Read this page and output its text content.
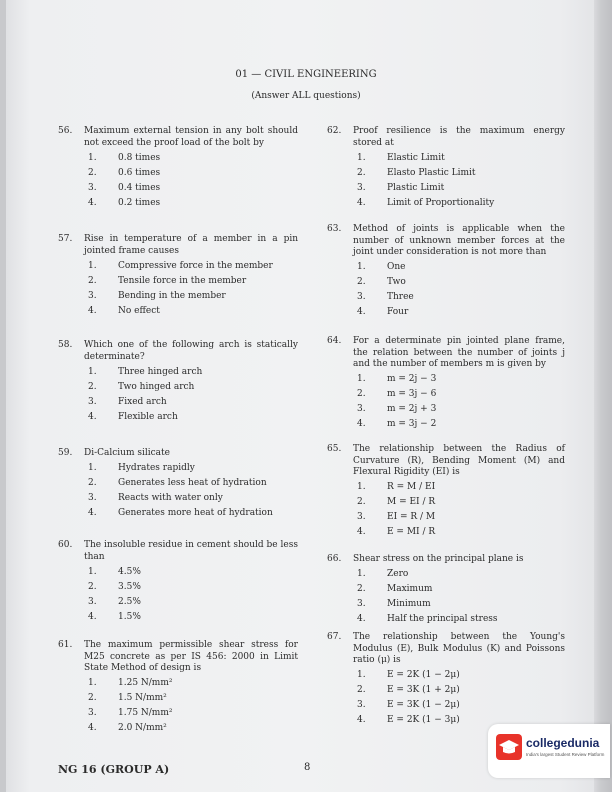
01 — CIVIL ENGINEERING
(Answer ALL questions)
56.	Maximum external tension in any bolt should not exceed the proof load of the bolt by
1.	0.8 times
2.	0.6 times
3.	0.4 times
4.	0.2 times
57.	Rise in temperature of a member in a pin jointed frame causes
1.	Compressive force in the member
2.	Tensile force in the member
3.	Bending in the member
4.	No effect
58.	Which one of the following arch is statically determinate?
1.	Three hinged arch
2.	Two hinged arch
3.	Fixed arch
4.	Flexible arch
59.	Di-Calcium silicate
1.	Hydrates rapidly
2.	Generates less heat of hydration
3.	Reacts with water only
4.	Generates more heat of hydration
60.	The insoluble residue in cement should be less than
1.	4.5%
2.	3.5%
3.	2.5%
4.	1.5%
61.	The maximum permissible shear stress for M25 concrete as per IS 456: 2000 in Limit State Method of design is
1.	1.25 N/mm²
2.	1.5 N/mm²
3.	1.75 N/mm²
4.	2.0 N/mm²
62.	Proof resilience is the maximum energy stored at
1.	Elastic Limit
2.	Elasto Plastic Limit
3.	Plastic Limit
4.	Limit of Proportionality
63.	Method of joints is applicable when the number of unknown member forces at the joint under consideration is not more than
1.	One
2.	Two
3.	Three
4.	Four
64.	For a determinate pin jointed plane frame, the relation between the number of joints j and the number of members m is given by
1.	m = 2j − 3
2.	m = 3j − 6
3.	m = 2j + 3
4.	m = 3j − 2
65.	The relationship between the Radius of Curvature (R), Bending Moment (M) and Flexural Rigidity (EI) is
1.	R = M / EI
2.	M = EI / R
3.	EI = R / M
4.	E = MI / R
66.	Shear stress on the principal plane is
1.	Zero
2.	Maximum
3.	Minimum
4.	Half the principal stress
67.	The relationship between the Young's Modulus (E), Bulk Modulus (K) and Poissons ratio (μ) is
1.	E = 2K (1 − 2μ)
2.	E = 3K (1 + 2μ)
3.	E = 3K (1 − 2μ)
4.	E = 2K (1 − 3μ)
NG 16 (GROUP A)	8
collegedunia
India's largest Student Review Platform
